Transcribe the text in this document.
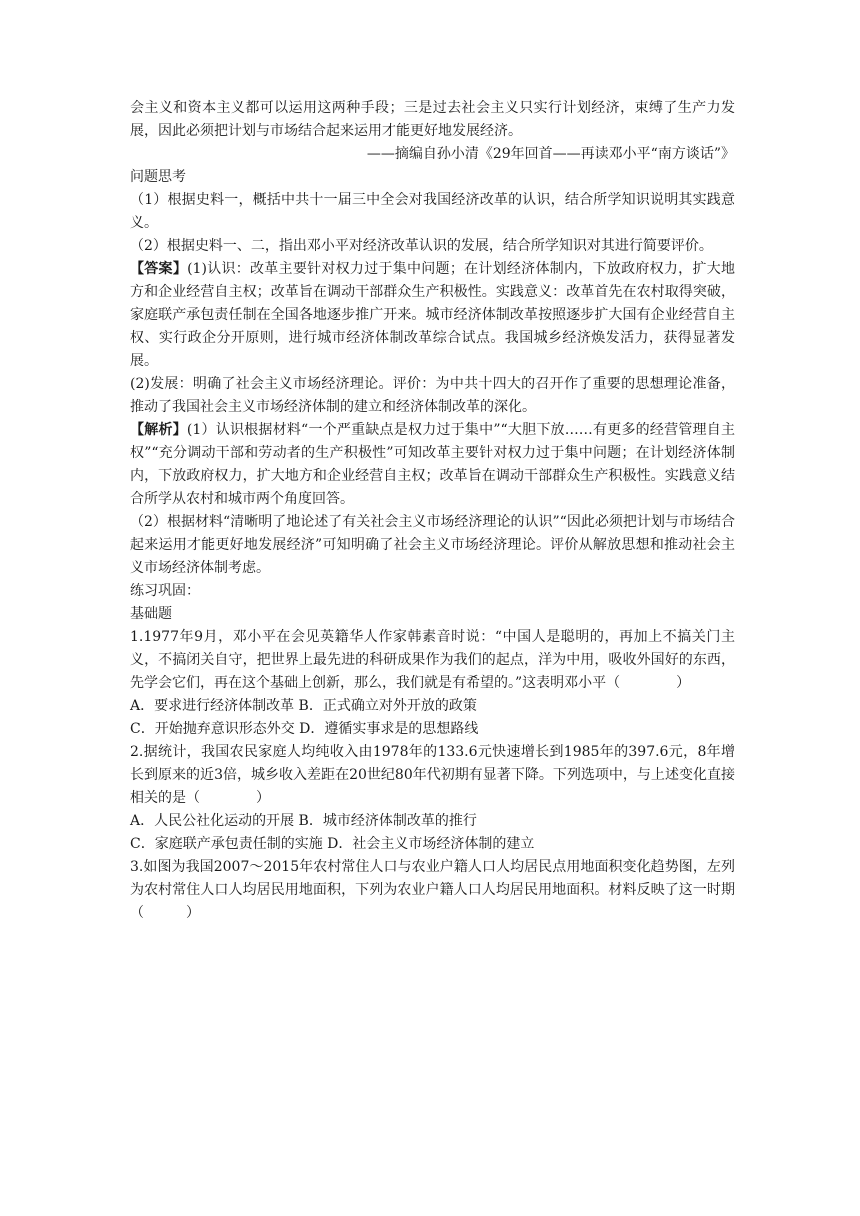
会主义和资本主义都可以运用这两种手段；三是过去社会主义只实行计划经济，束缚了生产力发展，因此必须把计划与市场结合起来运用才能更好地发展经济。

——摘编自孙小清《29年回首——再读邓小平“南方谈话”》

问题思考

（1）根据史料一，概括中共十一届三中全会对我国经济改革的认识，结合所学知识说明其实践意义。

（2）根据史料一、二，指出邓小平对经济改革认识的发展，结合所学知识对其进行简要评价。

【答案】(1)认识：改革主要针对权力过于集中问题；在计划经济体制内，下放政府权力，扩大地方和企业经营自主权；改革旨在调动干部群众生产积极性。实践意义：改革首先在农村取得突破，家庭联产承包责任制在全国各地逐步推广开来。城市经济体制改革按照逐步扩大国有企业经营自主权、实行政企分开原则，进行城市经济体制改革综合试点。我国城乡经济焕发活力，获得显著发展。

(2)发展：明确了社会主义市场经济理论。评价：为中共十四大的召开作了重要的思想理论准备，推动了我国社会主义市场经济体制的建立和经济体制改革的深化。

【解析】(1）认识根据材料“一个严重缺点是权力过于集中”“大胆下放……有更多的经营管理自主权”“充分调动干部和劳动者的生产积极性”可知改革主要针对权力过于集中问题；在计划经济体制内，下放政府权力，扩大地方和企业经营自主权；改革旨在调动干部群众生产积极性。实践意义结合所学从农村和城市两个角度回答。

（2）根据材料“清晰明了地论述了有关社会主义市场经济理论的认识”“因此必须把计划与市场结合起来运用才能更好地发展经济”可知明确了社会主义市场经济理论。评价从解放思想和推动社会主义市场经济体制考虑。

练习巩固：

基础题

1.1977年9月，邓小平在会见英籍华人作家韩素音时说：“中国人是聪明的，再加上不搞关门主义，不搞闭关自守，把世界上最先进的科研成果作为我们的起点，洋为中用，吸收外国好的东西，先学会它们，再在这个基础上创新，那么，我们就是有希望的。”这表明邓小平（　　　　）

A．要求进行经济体制改革 B．正式确立对外开放的政策

C．开始抛弃意识形态外交 D．遵循实事求是的思想路线

2.据统计，我国农民家庭人均纯收入由1978年的133.6元快速增长到1985年的397.6元，8年增长到原来的近3倍，城乡收入差距在20世纪80年代初期有显著下降。下列选项中，与上述变化直接相关的是（　　　　）

A．人民公社化运动的开展 B．城市经济体制改革的推行

C．家庭联产承包责任制的实施 D．社会主义市场经济体制的建立

3.如图为我国2007～2015年农村常住人口与农业户籍人口人均居民点用地面积变化趋势图，左列为农村常住人口人均居民用地面积，下列为农业户籍人口人均居民用地面积。材料反映了这一时期（　　　）
